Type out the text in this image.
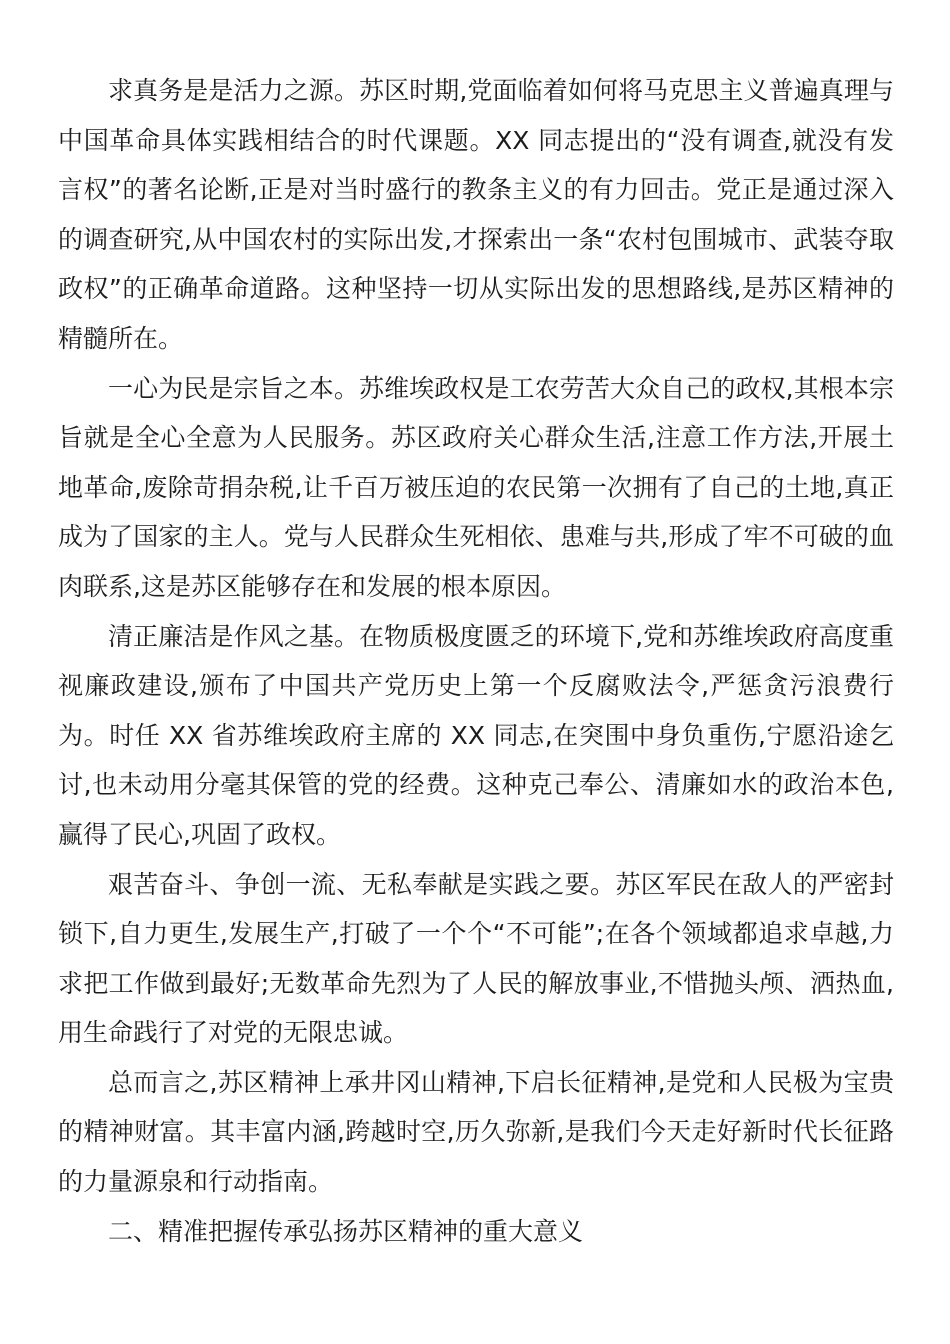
求真务是是活力之源。苏区时期,党面临着如何将马克思主义普遍真理与中国革命具体实践相结合的时代课题。XX 同志提出的“没有调查,就没有发言权”的著名论断,正是对当时盛行的教条主义的有力回击。党正是通过深入的调查研究,从中国农村的实际出发,才探索出一条“农村包围城市、武装夺取政权”的正确革命道路。这种坚持一切从实际出发的思想路线,是苏区精神的精髓所在。

一心为民是宗旨之本。苏维埃政权是工农劳苦大众自己的政权,其根本宗旨就是全心全意为人民服务。苏区政府关心群众生活,注意工作方法,开展土地革命,废除苛捐杂税,让千百万被压迫的农民第一次拥有了自己的土地,真正成为了国家的主人。党与人民群众生死相依、患难与共,形成了牢不可破的血肉联系,这是苏区能够存在和发展的根本原因。

清正廉洁是作风之基。在物质极度匮乏的环境下,党和苏维埃政府高度重视廉政建设,颁布了中国共产党历史上第一个反腐败法令,严惩贪污浪费行为。时任 XX 省苏维埃政府主席的 XX 同志,在突围中身负重伤,宁愿沿途乞讨,也未动用分毫其保管的党的经费。这种克己奉公、清廉如水的政治本色,赢得了民心,巩固了政权。

艰苦奋斗、争创一流、无私奉献是实践之要。苏区军民在敌人的严密封锁下,自力更生,发展生产,打破了一个个“不可能”;在各个领域都追求卓越,力求把工作做到最好;无数革命先烈为了人民的解放事业,不惜抛头颅、洒热血,用生命践行了对党的无限忠诚。

总而言之,苏区精神上承井冈山精神,下启长征精神,是党和人民极为宝贵的精神财富。其丰富内涵,跨越时空,历久弥新,是我们今天走好新时代长征路的力量源泉和行动指南。

二、精准把握传承弘扬苏区精神的重大意义
